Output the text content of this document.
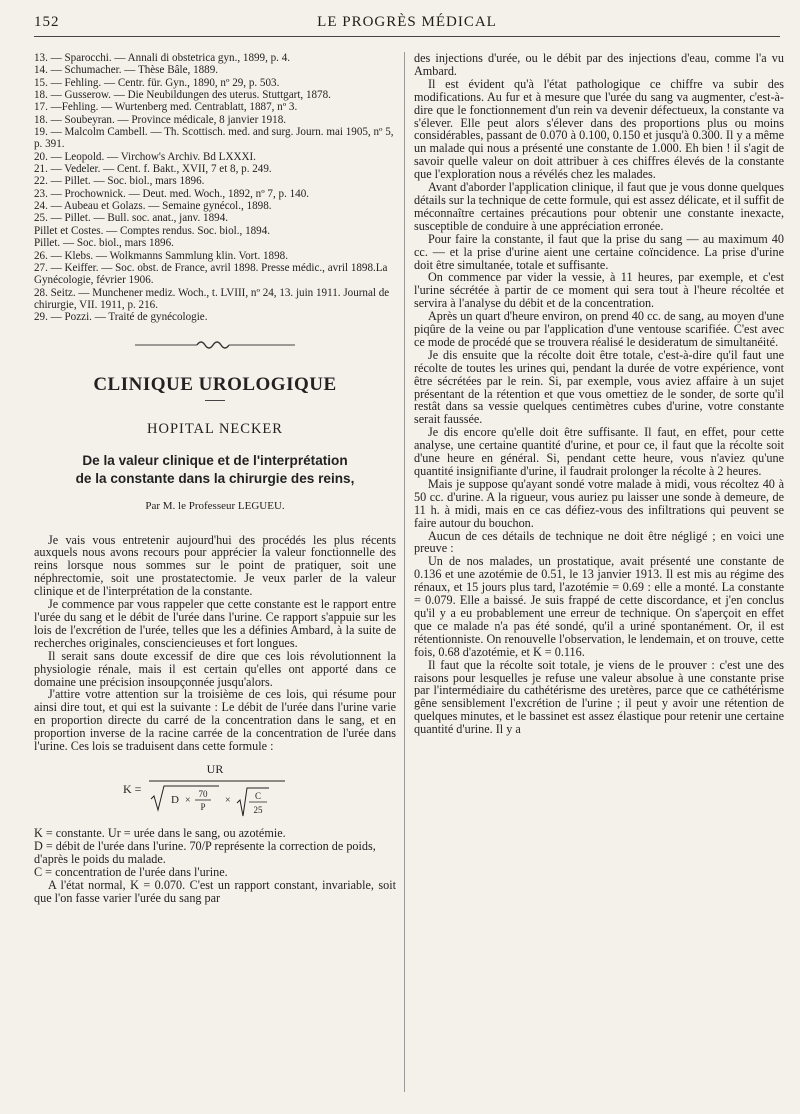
152	LE PROGRÈS MÉDICAL

13. — Sparocchi. — Annali di obstetrica gyn., 1899, p. 4.

14. — Schumacher. — Thèse Bâle, 1889.

15. — Fehling. — Centr. für. Gyn., 1890, nº 29, p. 503.

18. — Gusserow. — Die Neubildungen des uterus. Stuttgart, 1878.

17. —Fehling. — Wurtenberg med. Centrablatt, 1887, nº 3.

18. — Soubeyran. — Province médicale, 8 janvier 1918.

19. — Malcolm Cambell. — Th. Scottisch. med. and surg. Journ. mai 1905, nº 5, p. 391.

20. — Leopold. — Virchow's Archiv. Bd LXXXI.

21. — Vedeler. — Cent. f. Bakt., XVII, 7 et 8, p. 249.

22. — Pillet. — Soc. biol., mars 1896.

23. — Prochownick. — Deut. med. Woch., 1892, nº 7, p. 140.

24. — Aubeau et Golazs. — Semaine gynécol., 1898.

25. — Pillet. — Bull. soc. anat., janv. 1894.

Pillet et Costes. — Comptes rendus. Soc. biol., 1894.

Pillet. — Soc. biol., mars 1896.

26. — Klebs. — Wolkmanns Sammlung klin. Vort. 1898.

27. — Keiffer. — Soc. obst. de France, avril 1898. Presse médic., avril 1898.La Gynécologie, février 1906.

28. Seitz. — Munchener mediz. Woch., t. LVIII, nº 24, 13. juin 1911. Journal de chirurgie, VII. 1911, p. 216.

29. — Pozzi. — Traité de gynécologie.

CLINIQUE UROLOGIQUE

HOPITAL NECKER

De la valeur clinique et de l'interprétation
de la constante dans la chirurgie des reins,

Par M. le Professeur LEGUEU.

Je vais vous entretenir aujourd'hui des procédés les plus récents auxquels nous avons recours pour apprécier la valeur fonctionnelle des reins lorsque nous sommes sur le point de pratiquer, soit une néphrectomie, soit une prostatectomie. Je veux parler de la valeur clinique et de l'interprétation de la constante.

Je commence par vous rappeler que cette constante est le rapport entre l'urée du sang et le débit de l'urée dans l'urine. Ce rapport s'appuie sur les lois de l'excrétion de l'urée, telles que les a définies Ambard, à la suite de recherches originales, consciencieuses et fort longues.

Il serait sans doute excessif de dire que ces lois révolutionnent la physiologie rénale, mais il est certain qu'elles ont apporté dans ce domaine une précision insoupçonnée jusqu'alors.

J'attire votre attention sur la troisième de ces lois, qui résume pour ainsi dire tout, et qui est la suivante : Le débit de l'urée dans l'urine varie en proportion directe du carré de la concentration dans le sang, et en proportion inverse de la racine carrée de la concentration de l'urée dans l'urine. Ces lois se traduisent dans cette formule :

K =
UR
D ×
70
P
×	C
25

K = constante. Ur = urée dans le sang, ou azotémie.

D = débit de l'urée dans l'urine. 70/P représente la correction de poids, d'après le poids du malade.

C = concentration de l'urée dans l'urine.

A l'état normal, K = 0.070. C'est un rapport constant, invariable, soit que l'on fasse varier l'urée du sang par

des injections d'urée, ou le débit par des injections d'eau, comme l'a vu Ambard.

Il est évident qu'à l'état pathologique ce chiffre va subir des modifications. Au fur et à mesure que l'urée du sang va augmenter, c'est-à-dire que le fonctionnement d'un rein va devenir défectueux, la constante va s'élever. Elle peut alors s'élever dans des proportions plus ou moins considérables, passant de 0.070 à 0.100, 0.150 et jusqu'à 0.300. Il y a même un malade qui nous a présenté une constante de 1.000. Eh bien ! il s'agit de savoir quelle valeur on doit attribuer à ces chiffres élevés de la constante que l'exploration nous a révélés chez les malades.

Avant d'aborder l'application clinique, il faut que je vous donne quelques détails sur la technique de cette formule, qui est assez délicate, et il suffit de méconnaître certaines précautions pour obtenir une constante inexacte, susceptible de conduire à une appréciation erronée.

Pour faire la constante, il faut que la prise du sang — au maximum 40 cc. — et la prise d'urine aient une certaine coïncidence. La prise d'urine doit être simultanée, totale et suffisante.

On commence par vider la vessie, à 11 heures, par exemple, et c'est l'urine sécrétée à partir de ce moment qui sera tout à l'heure récoltée et servira à l'analyse du débit et de la concentration.

Après un quart d'heure environ, on prend 40 cc. de sang, au moyen d'une piqûre de la veine ou par l'application d'une ventouse scarifiée. C'est avec ce mode de procédé que se trouvera réalisé le desideratum de simultanéité.

Je dis ensuite que la récolte doit être totale, c'est-à-dire qu'il faut une récolte de toutes les urines qui, pendant la durée de votre expérience, vont être sécrétées par le rein. Si, par exemple, vous aviez affaire à un sujet présentant de la rétention et que vous omettiez de le sonder, de sorte qu'il restât dans sa vessie quelques centimètres cubes d'urine, votre constante serait faussée.

Je dis encore qu'elle doit être suffisante. Il faut, en effet, pour cette analyse, une certaine quantité d'urine, et pour ce, il faut que la récolte soit d'une heure en général. Si, pendant cette heure, vous n'aviez qu'une quantité insignifiante d'urine, il faudrait prolonger la récolte à 2 heures.

Mais je suppose qu'ayant sondé votre malade à midi, vous récoltez 40 à 50 cc. d'urine. A la rigueur, vous auriez pu laisser une sonde à demeure, de 11 h. à midi, mais en ce cas défiez-vous des infiltrations qui peuvent se faire autour du bouchon.

Aucun de ces détails de technique ne doit être négligé ; en voici une preuve :

Un de nos malades, un prostatique, avait présenté une constante de 0.136 et une azotémie de 0.51, le 13 janvier 1913. Il est mis au régime des rénaux, et 15 jours plus tard, l'azotémie = 0.69 : elle a monté. La constante = 0.079. Elle a baissé. Je suis frappé de cette discordance, et j'en conclus qu'il y a eu probablement une erreur de technique. On s'aperçoit en effet que ce malade n'a pas été sondé, qu'il a uriné spontanément. Or, il est rétentionniste. On renouvelle l'observation, le lendemain, et on trouve, cette fois, 0.68 d'azotémie, et K = 0.116.

Il faut que la récolte soit totale, je viens de le prouver : c'est une des raisons pour lesquelles je refuse une valeur absolue à une constante prise par l'intermédiaire du cathétérisme des uretères, parce que ce cathétérisme gêne sensiblement l'excrétion de l'urine ; il peut y avoir une rétention de quelques minutes, et le bassinet est assez élastique pour retenir une certaine quantité d'urine. Il y a
